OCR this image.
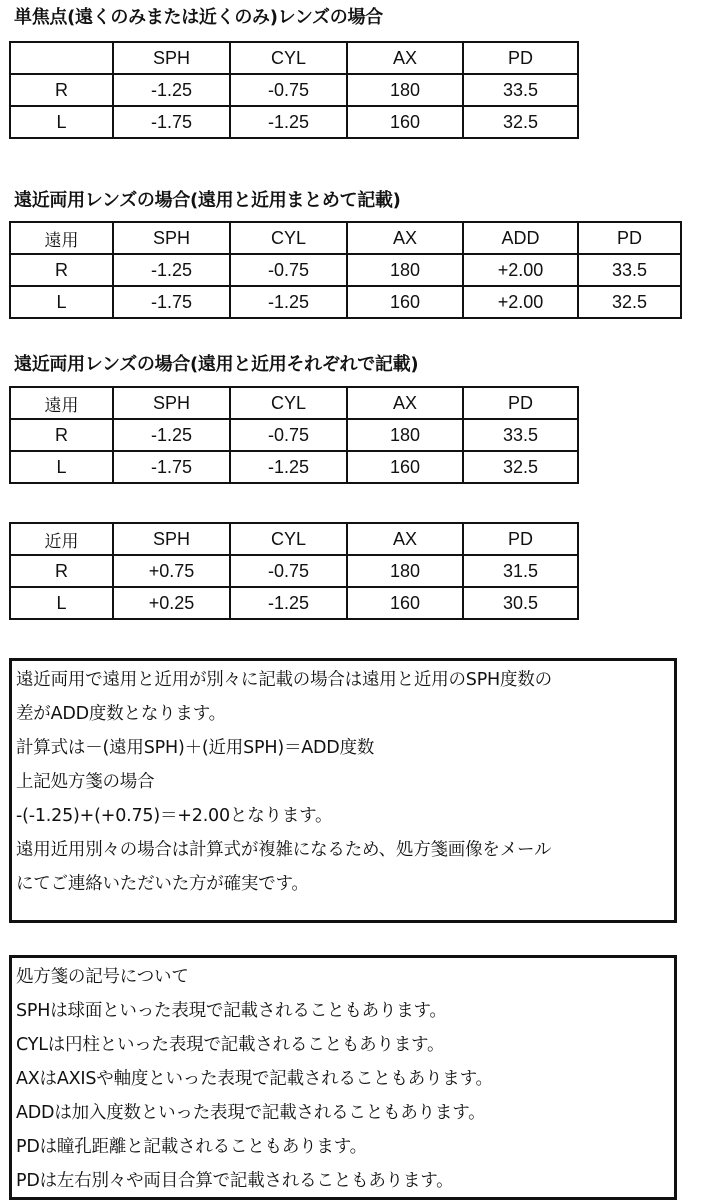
単焦点(遠くのみまたは近くのみ)レンズの場合
	SPH	CYL	AX	PD
R	-1.25	-0.75	180	33.5
L	-1.75	-1.25	160	32.5
遠近両用レンズの場合(遠用と近用まとめて記載)
遠用	SPH	CYL	AX	ADD	PD
R	-1.25	-0.75	180	+2.00	33.5
L	-1.75	-1.25	160	+2.00	32.5
遠近両用レンズの場合(遠用と近用それぞれで記載)
遠用	SPH	CYL	AX	PD
R	-1.25	-0.75	180	33.5
L	-1.75	-1.25	160	32.5
近用	SPH	CYL	AX	PD
R	+0.75	-0.75	180	31.5
L	+0.25	-1.25	160	30.5

遠近両用で遠用と近用が別々に記載の場合は遠用と近用のSPH度数の

差がADD度数となります。

計算式は－(遠用SPH)＋(近用SPH)＝ADD度数

上記処方箋の場合

-(-1.25)+(+0.75)＝+2.00となります。

遠用近用別々の場合は計算式が複雑になるため、処方箋画像をメール

にてご連絡いただいた方が確実です。

処方箋の記号について

SPHは球面といった表現で記載されることもあります。

CYLは円柱といった表現で記載されることもあります。

AXはAXISや軸度といった表現で記載されることもあります。

ADDは加入度数といった表現で記載されることもあります。

PDは瞳孔距離と記載されることもあります。

PDは左右別々や両目合算で記載されることもあります。
